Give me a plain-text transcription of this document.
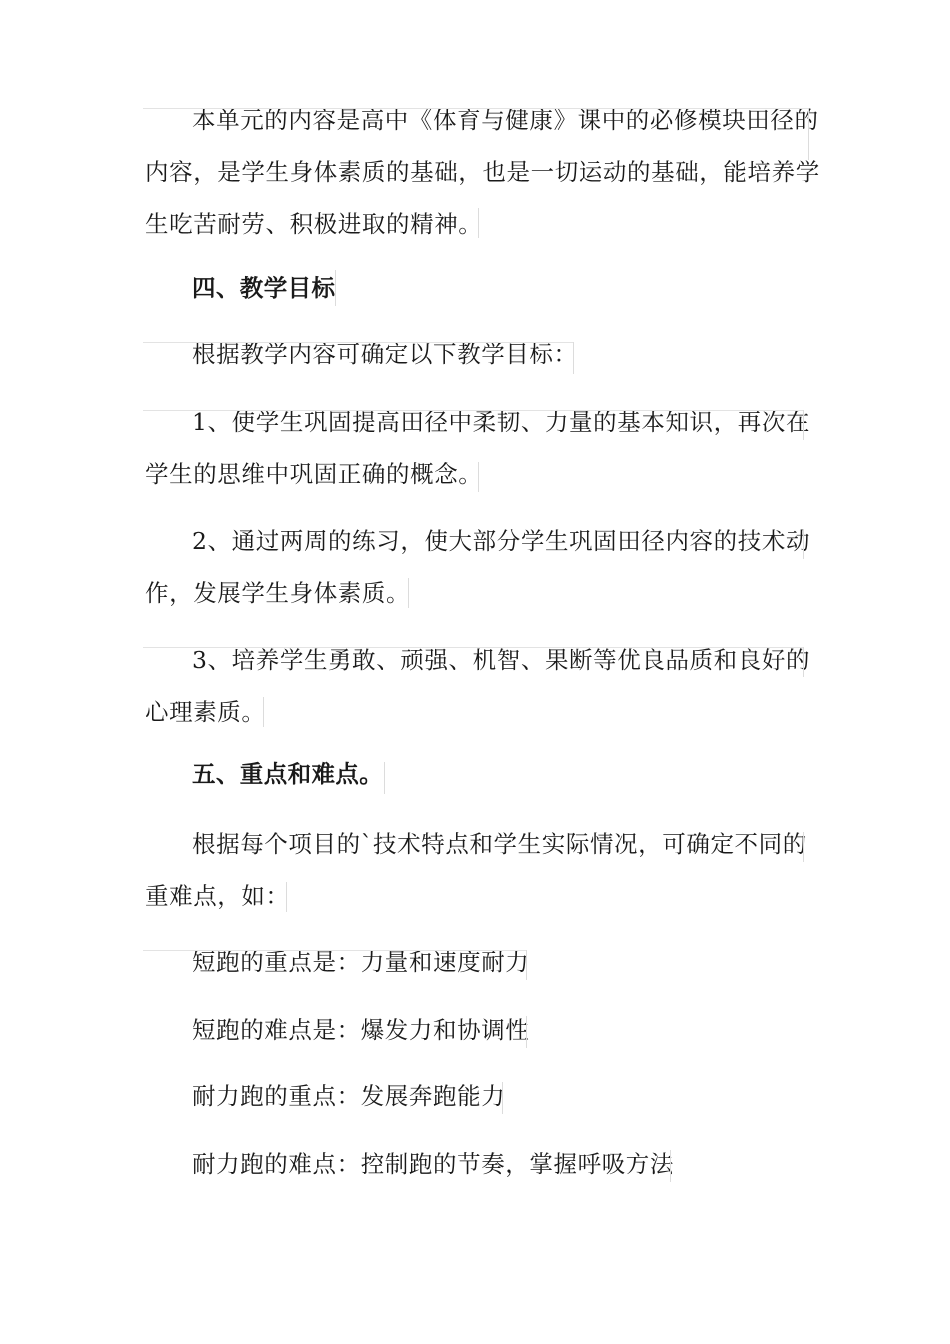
本单元的内容是高中《体育与健康》课中的必修模块田径的
内容，是学生身体素质的基础，也是一切运动的基础，能培养学
生吃苦耐劳、积极进取的精神。
四、教学目标
根据教学内容可确定以下教学目标：
1、使学生巩固提高田径中柔韧、力量的基本知识，再次在
学生的思维中巩固正确的概念。
2、通过两周的练习，使大部分学生巩固田径内容的技术动
作，发展学生身体素质。
3、培养学生勇敢、顽强、机智、果断等优良品质和良好的
心理素质。
五、重点和难点。
根据每个项目的`技术特点和学生实际情况，可确定不同的
重难点，如：
短跑的重点是：力量和速度耐力
短跑的难点是：爆发力和协调性
耐力跑的重点：发展奔跑能力
耐力跑的难点：控制跑的节奏，掌握呼吸方法
